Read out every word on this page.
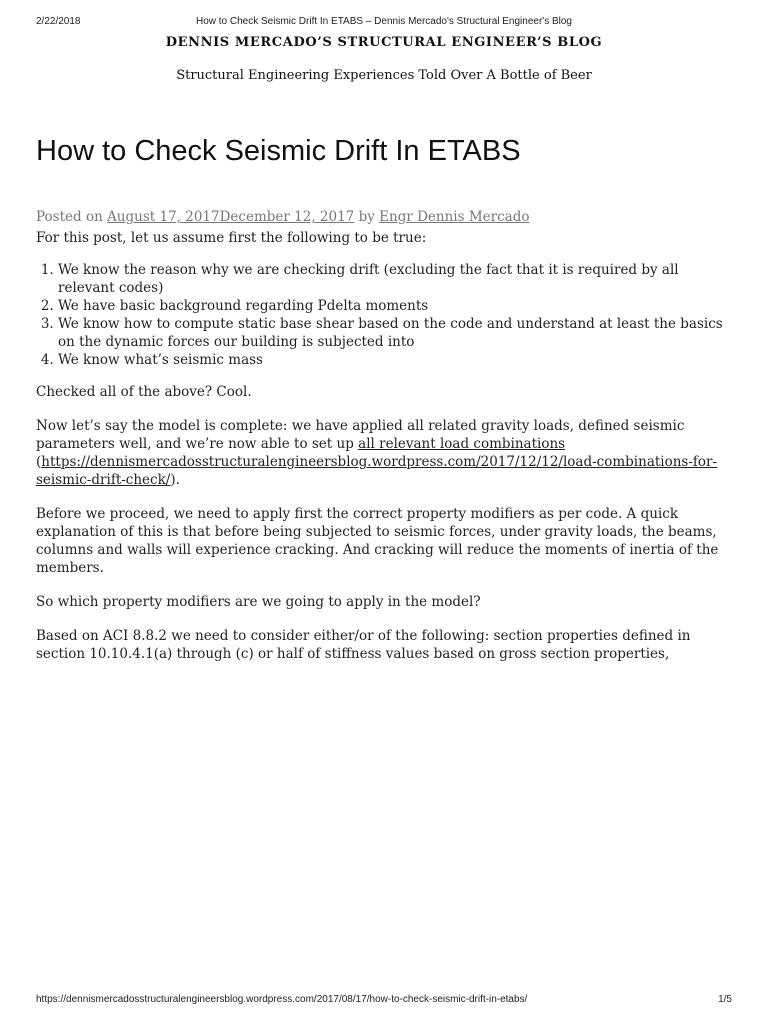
2/22/2018	How to Check Seismic Drift In ETABS – Dennis Mercado's Structural Engineer's Blog
DENNIS MERCADO’S STRUCTURAL ENGINEER’S BLOG
Structural Engineering Experiences Told Over A Bottle of Beer
How to Check Seismic Drift In ETABS
Posted on August 17, 2017December 12, 2017 by Engr Dennis Mercado

For this post, let us assume first the following to be true:

1. We know the reason why we are checking drift (excluding the fact that it is required by all relevant codes)
2. We have basic background regarding Pdelta moments
3. We know how to compute static base shear based on the code and understand at least the basics on the dynamic forces our building is subjected into
4. We know what’s seismic mass

Checked all of the above? Cool.

Now let’s say the model is complete: we have applied all related gravity loads, defined seismic parameters well, and we’re now able to set up all relevant load combinations (https://dennismercadosstructuralengineersblog.wordpress.com/2017/12/12/load-combinations-for-seismic-drift-check/).

Before we proceed, we need to apply first the correct property modifiers as per code. A quick explanation of this is that before being subjected to seismic forces, under gravity loads, the beams, columns and walls will experience cracking. And cracking will reduce the moments of inertia of the members.

So which property modifiers are we going to apply in the model?

Based on ACI 8.8.2 we need to consider either/or of the following: section properties defined in section 10.10.4.1(a) through (c) or half of stiffness values based on gross section properties,

https://dennismercadosstructuralengineersblog.wordpress.com/2017/08/17/how-to-check-seismic-drift-in-etabs/	1/5
